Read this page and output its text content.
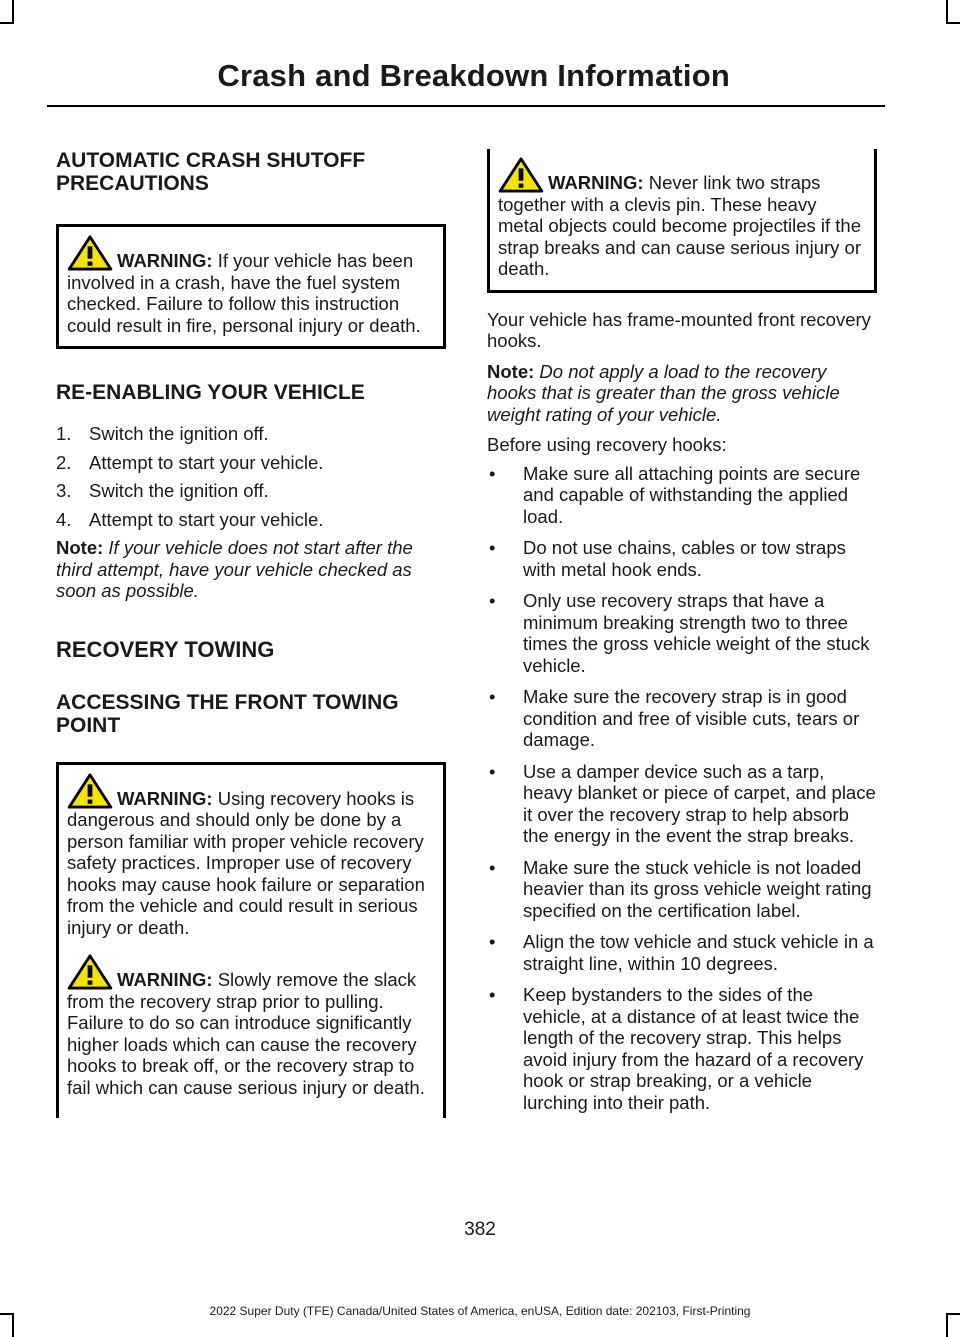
Crash and Breakdown Information
AUTOMATIC CRASH SHUTOFF PRECAUTIONS
WARNING: If your vehicle has been involved in a crash, have the fuel system checked. Failure to follow this instruction could result in fire, personal injury or death.
RE-ENABLING YOUR VEHICLE
1. Switch the ignition off.
2. Attempt to start your vehicle.
3. Switch the ignition off.
4. Attempt to start your vehicle.

Note: If your vehicle does not start after the third attempt, have your vehicle checked as soon as possible.

RECOVERY TOWING
ACCESSING THE FRONT TOWING POINT
WARNING: Using recovery hooks is dangerous and should only be done by a person familiar with proper vehicle recovery safety practices. Improper use of recovery hooks may cause hook failure or separation from the vehicle and could result in serious injury or death.
WARNING: Slowly remove the slack from the recovery strap prior to pulling. Failure to do so can introduce significantly higher loads which can cause the recovery hooks to break off, or the recovery strap to fail which can cause serious injury or death.
WARNING: Never link two straps together with a clevis pin. These heavy metal objects could become projectiles if the strap breaks and can cause serious injury or death.

Your vehicle has frame-mounted front recovery hooks.

Note: Do not apply a load to the recovery hooks that is greater than the gross vehicle weight rating of your vehicle.

Before using recovery hooks:

•	Make sure all attaching points are secure and capable of withstanding the applied load.
•	Do not use chains, cables or tow straps with metal hook ends.
•	Only use recovery straps that have a minimum breaking strength two to three times the gross vehicle weight of the stuck vehicle.
•	Make sure the recovery strap is in good condition and free of visible cuts, tears or damage.
•	Use a damper device such as a tarp, heavy blanket or piece of carpet, and place it over the recovery strap to help absorb the energy in the event the strap breaks.
•	Make sure the stuck vehicle is not loaded heavier than its gross vehicle weight rating specified on the certification label.
•	Align the tow vehicle and stuck vehicle in a straight line, within 10 degrees.
•	Keep bystanders to the sides of the vehicle, at a distance of at least twice the length of the recovery strap. This helps avoid injury from the hazard of a recovery hook or strap breaking, or a vehicle lurching into their path.
382
2022 Super Duty (TFE) Canada/United States of America, enUSA, Edition date: 202103, First-Printing
